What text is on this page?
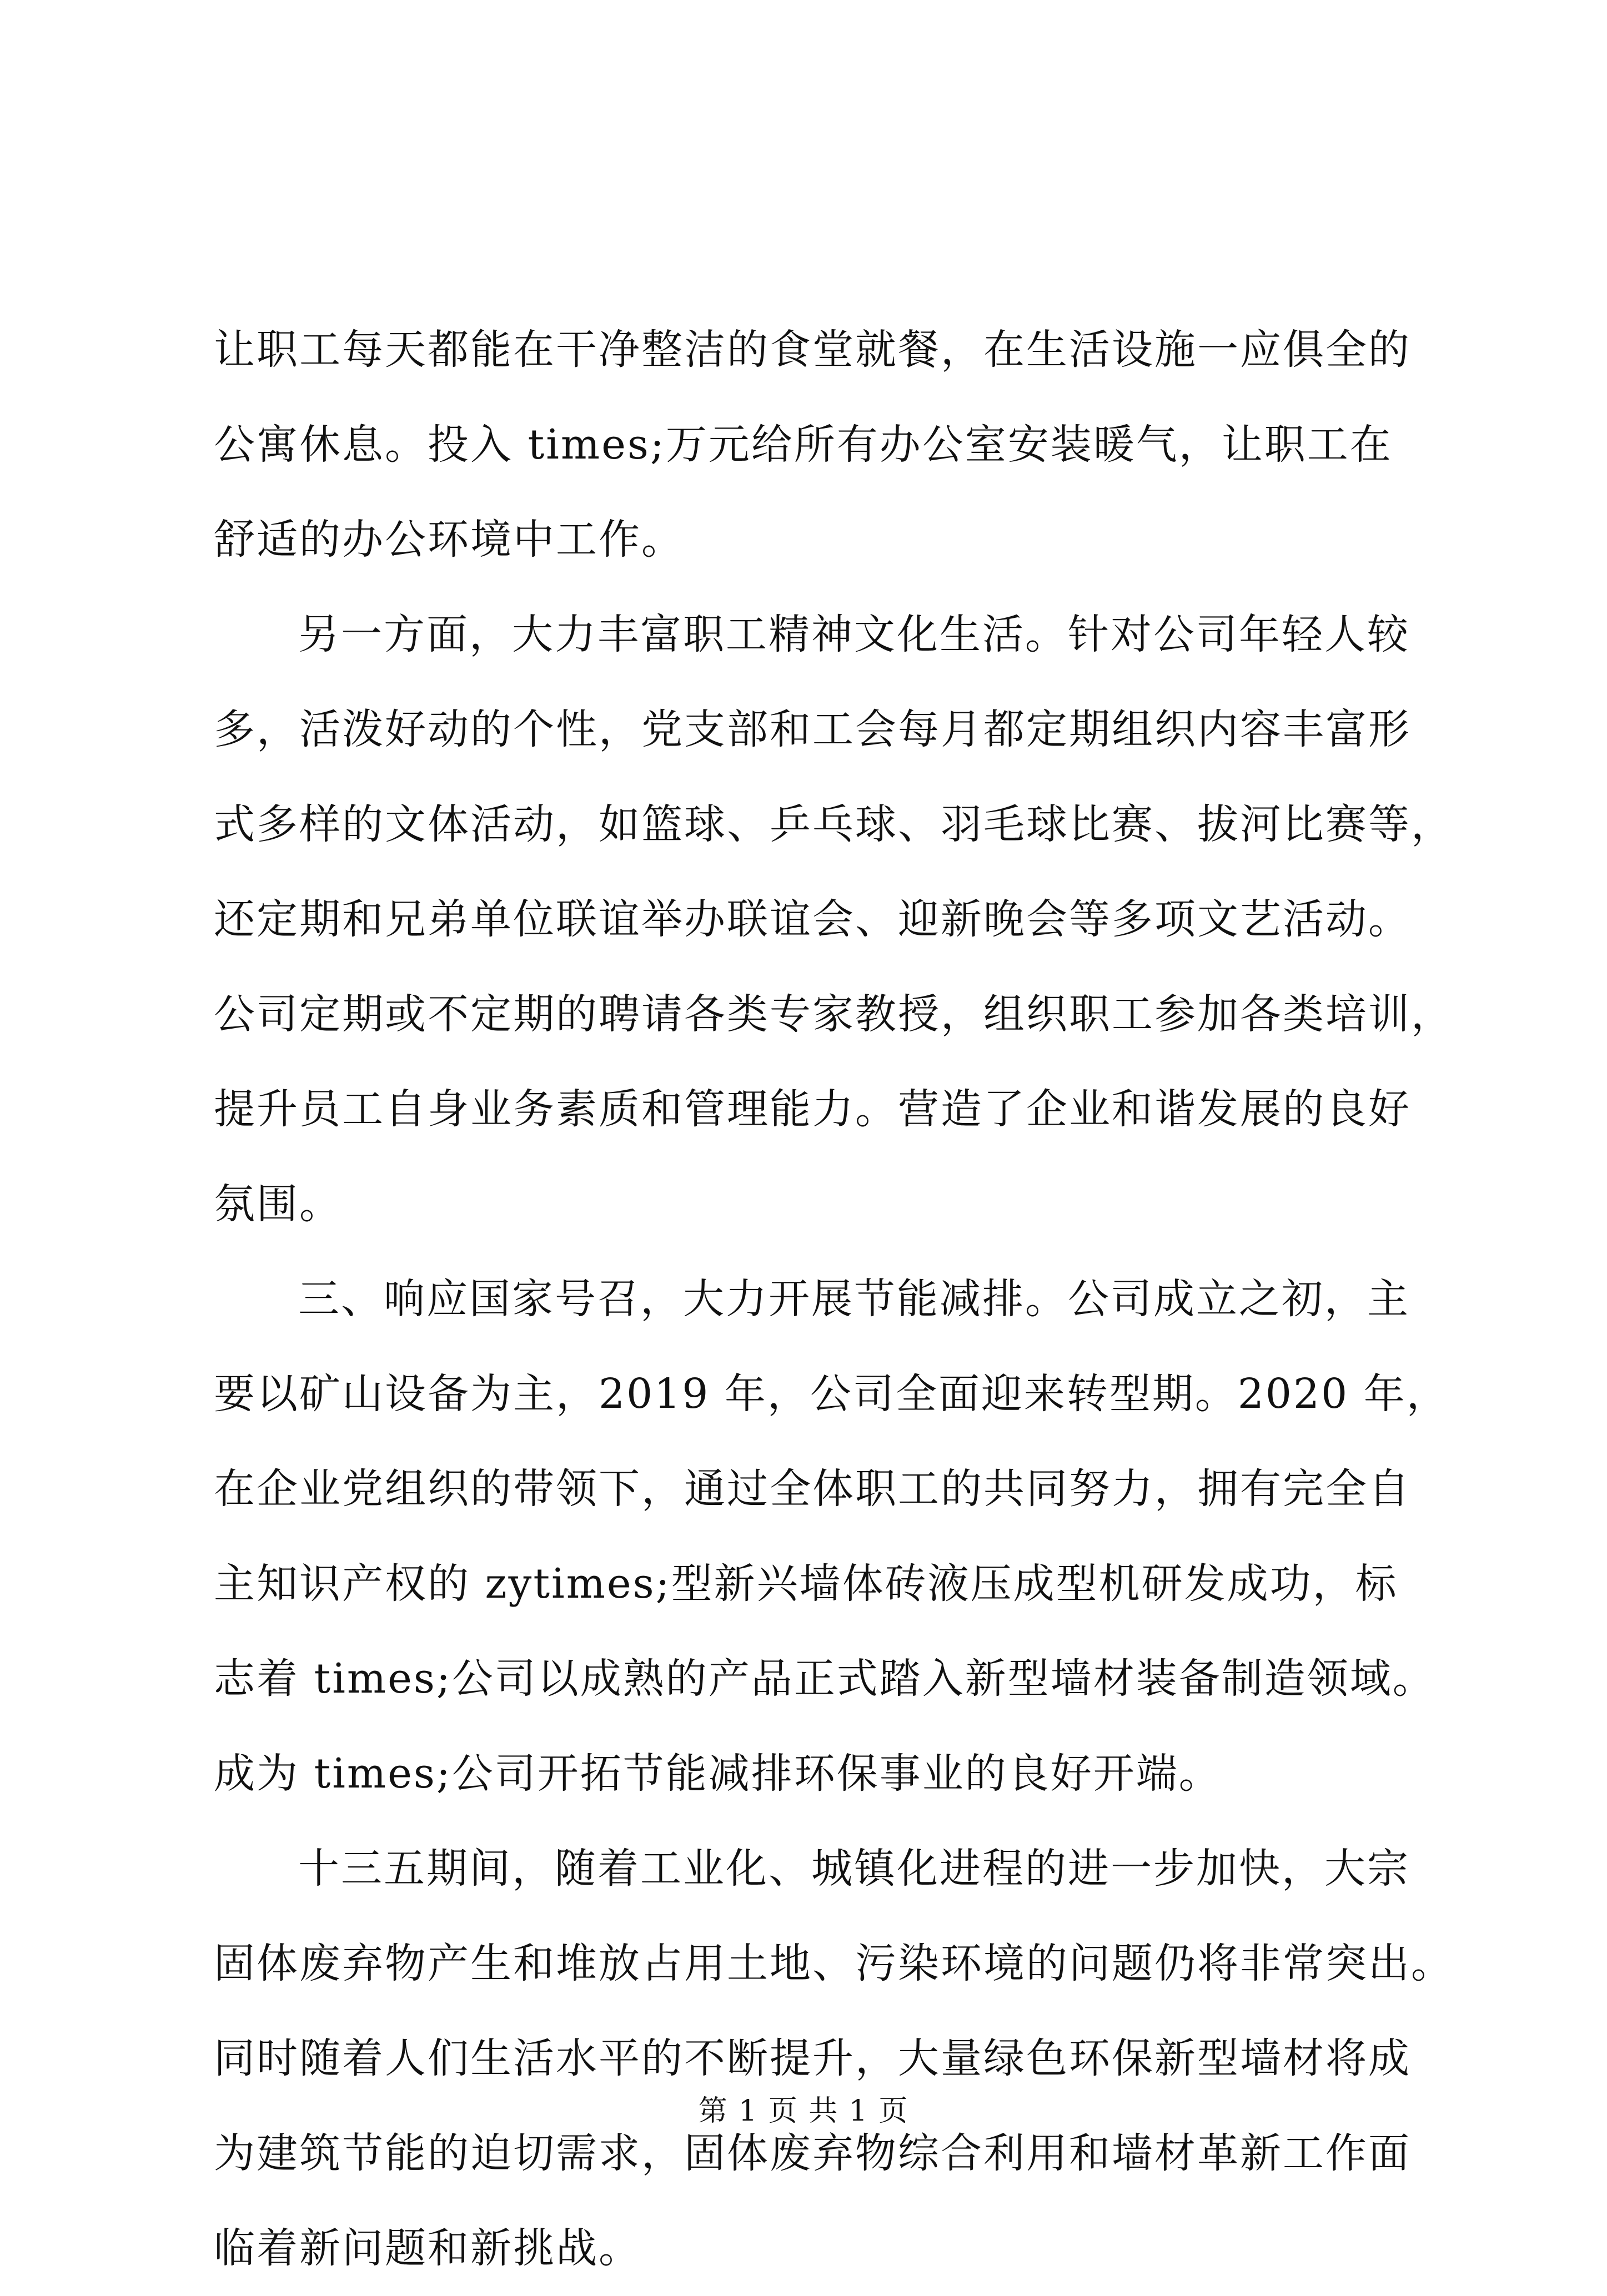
让职工每天都能在干净整洁的食堂就餐，在生活设施一应俱全的
公寓休息。投入 times;万元给所有办公室安装暖气，让职工在
舒适的办公环境中工作。
另一方面，大力丰富职工精神文化生活。针对公司年轻人较
多，活泼好动的个性，党支部和工会每月都定期组织内容丰富形
式多样的文体活动，如篮球、乒乓球、羽毛球比赛、拔河比赛等，
还定期和兄弟单位联谊举办联谊会、迎新晚会等多项文艺活动。
公司定期或不定期的聘请各类专家教授，组织职工参加各类培训，
提升员工自身业务素质和管理能力。营造了企业和谐发展的良好
氛围。
三、响应国家号召，大力开展节能减排。公司成立之初，主
要以矿山设备为主，2019 年，公司全面迎来转型期。2020 年，
在企业党组织的带领下，通过全体职工的共同努力，拥有完全自
主知识产权的 zytimes;型新兴墙体砖液压成型机研发成功，标
志着 times;公司以成熟的产品正式踏入新型墙材装备制造领域。
成为 times;公司开拓节能减排环保事业的良好开端。
十三五期间，随着工业化、城镇化进程的进一步加快，大宗
固体废弃物产生和堆放占用土地、污染环境的问题仍将非常突出。
同时随着人们生活水平的不断提升，大量绿色环保新型墙材将成
为建筑节能的迫切需求，固体废弃物综合利用和墙材革新工作面
临着新问题和新挑战。
第 1 页 共 1 页
